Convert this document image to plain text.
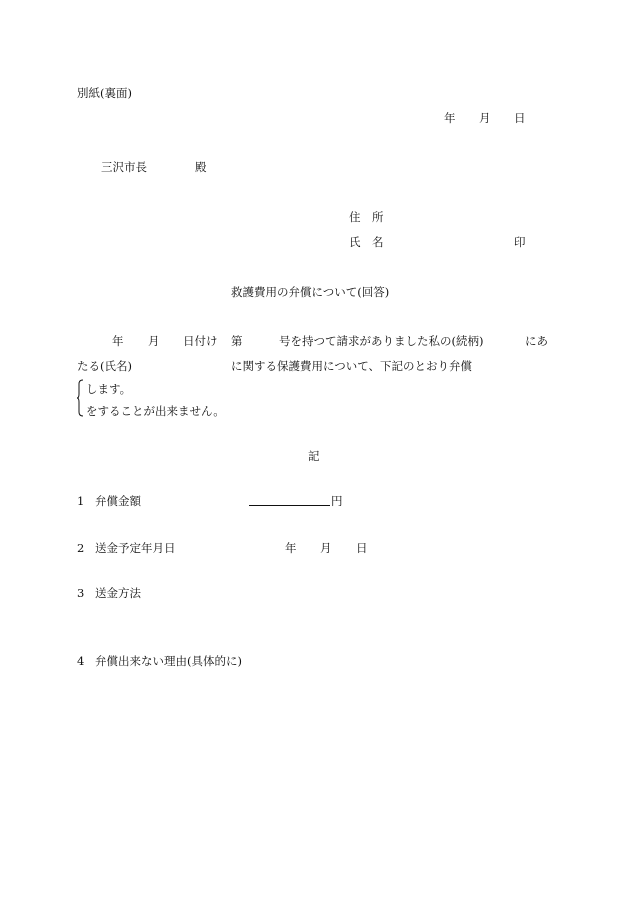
別紙(裏面)
年 月 日
三沢市長	殿
住　所
氏　名	印
救護費用の弁償について(回答)
年 月 日付け 第	号を持つて請求がありました私の(続柄)	にあ
たる(氏名)	に関する保護費用について、下記のとおり弁償
します。
をすることが出来ません。
記
1 弁償金額	円
2 送金予定年月日	年 月 日
3 送金方法
4 弁償出来ない理由(具体的に)
